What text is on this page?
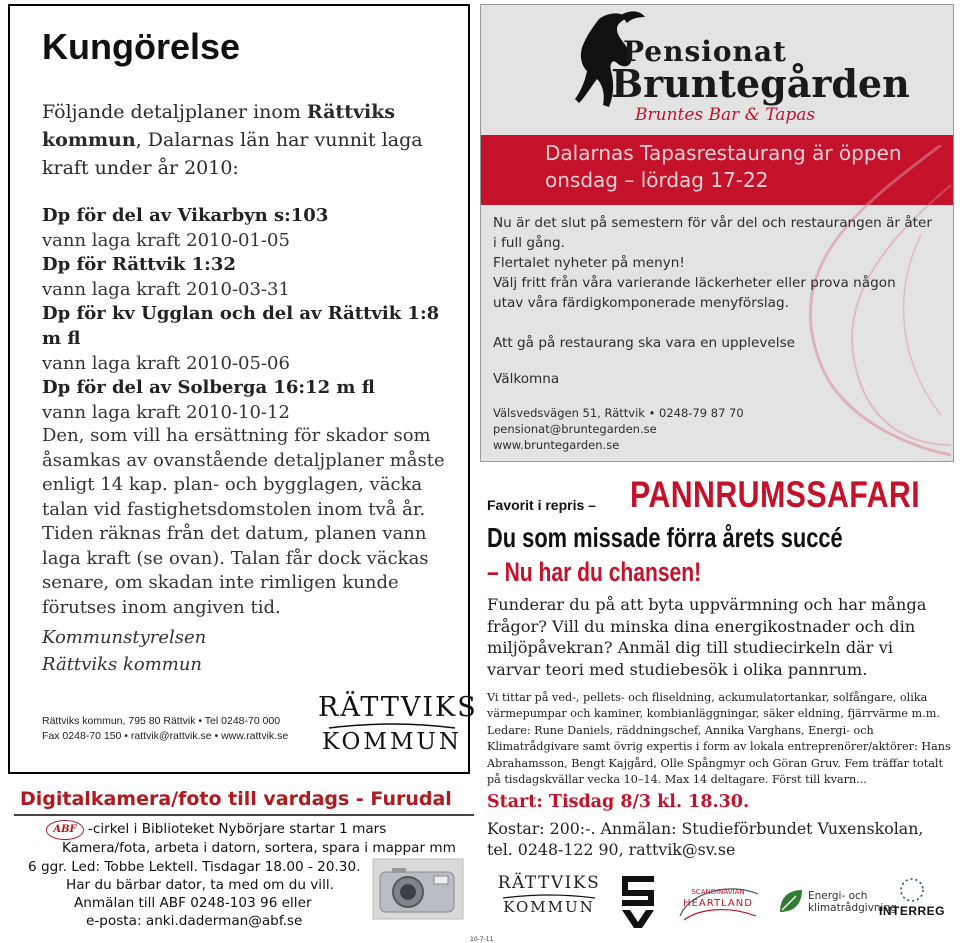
Kungörelse

Följande detaljplaner inom Rättviks kommun, Dalarnas län har vunnit laga kraft under år 2010:

Dp för del av Vikarbyn s:103
vann laga kraft 2010-01-05
Dp för Rättvik 1:32
vann laga kraft 2010-03-31
Dp för kv Ugglan och del av Rättvik 1:8 m fl
vann laga kraft 2010-05-06
Dp för del av Solberga 16:12 m fl
vann laga kraft 2010-10-12

Den, som vill ha ersättning för skador som åsamkas av ovanstående detaljplaner måste enligt 14 kap. plan- och bygglagen, väcka talan vid fastighetsdomstolen inom två år. Tiden räknas från det datum, planen vann laga kraft (se ovan). Talan får dock väckas senare, om skadan inte rimligen kunde förutses inom angiven tid.

Kommunstyrelsen
Rättviks kommun
Rättviks kommun, 795 80 Rättvik • Tel 0248-70 000
Fax 0248-70 150 • rattvik@rattvik.se • www.rattvik.se
RÄTTVIKS
KOMMUN
Digitalkamera/foto till vardags - Furudal
ABF -cirkel i Biblioteket Nybörjare startar 1 mars
Kamera/fota, arbeta i datorn, sortera, spara i mappar mm
6 ggr. Led: Tobbe Lektell. Tisdagar 18.00 - 20.30.
Har du bärbar dator, ta med om du vill.
Anmälan till ABF 0248-103 96 eller
e-posta: anki.daderman@abf.se
Pensionat
Bruntegården
Bruntes Bar & Tapas
Dalarnas Tapasrestaurang är öppen
onsdag – lördag 17-22
Nu är det slut på semestern för vår del och restaurangen är åter
i full gång.
Flertalet nyheter på menyn!
Välj fritt från våra varierande läckerheter eller prova någon
utav våra färdigkomponerade menyförslag.
Att gå på restaurang ska vara en upplevelse
Välkomna
Välsvedsvägen 51, Rättvik • 0248-79 87 70
pensionat@bruntegarden.se
www.bruntegarden.se
Favorit i repris – PANNRUMSSAFARI
Du som missade förra årets succé
– Nu har du chansen!

Funderar du på att byta uppvärmning och har många frågor? Vill du minska dina energikostnader och din miljöpåvekran? Anmäl dig till studiecirkeln där vi varvar teori med studiebesök i olika pannrum.

Vi tittar på ved-, pellets- och fliseldning, ackumulatortankar, solfångare, olika värmepumpar och kaminer, kombianläggningar, säker eldning, fjärrvärme m.m. Ledare: Rune Daniels, räddningschef, Annika Varghans, Energi- och Klimatrådgivare samt övrig expertis i form av lokala entreprenörer/aktörer: Hans Abrahamsson, Bengt Kajgård, Olle Spångmyr och Göran Gruv. Fem träffar totalt på tisdagskvällar vecka 10–14. Max 14 deltagare. Först till kvarn...

Start: Tisdag 8/3 kl. 18.30.

Kostar: 200:-. Anmälan: Studieförbundet Vuxenskolan, tel. 0248-122 90, rattvik@sv.se

RÄTTVIKS
KOMMUN
SCANDINAVIAN
HEARTLAND
Energi- och klimatrådgivning
INTERREG
10-7-11
